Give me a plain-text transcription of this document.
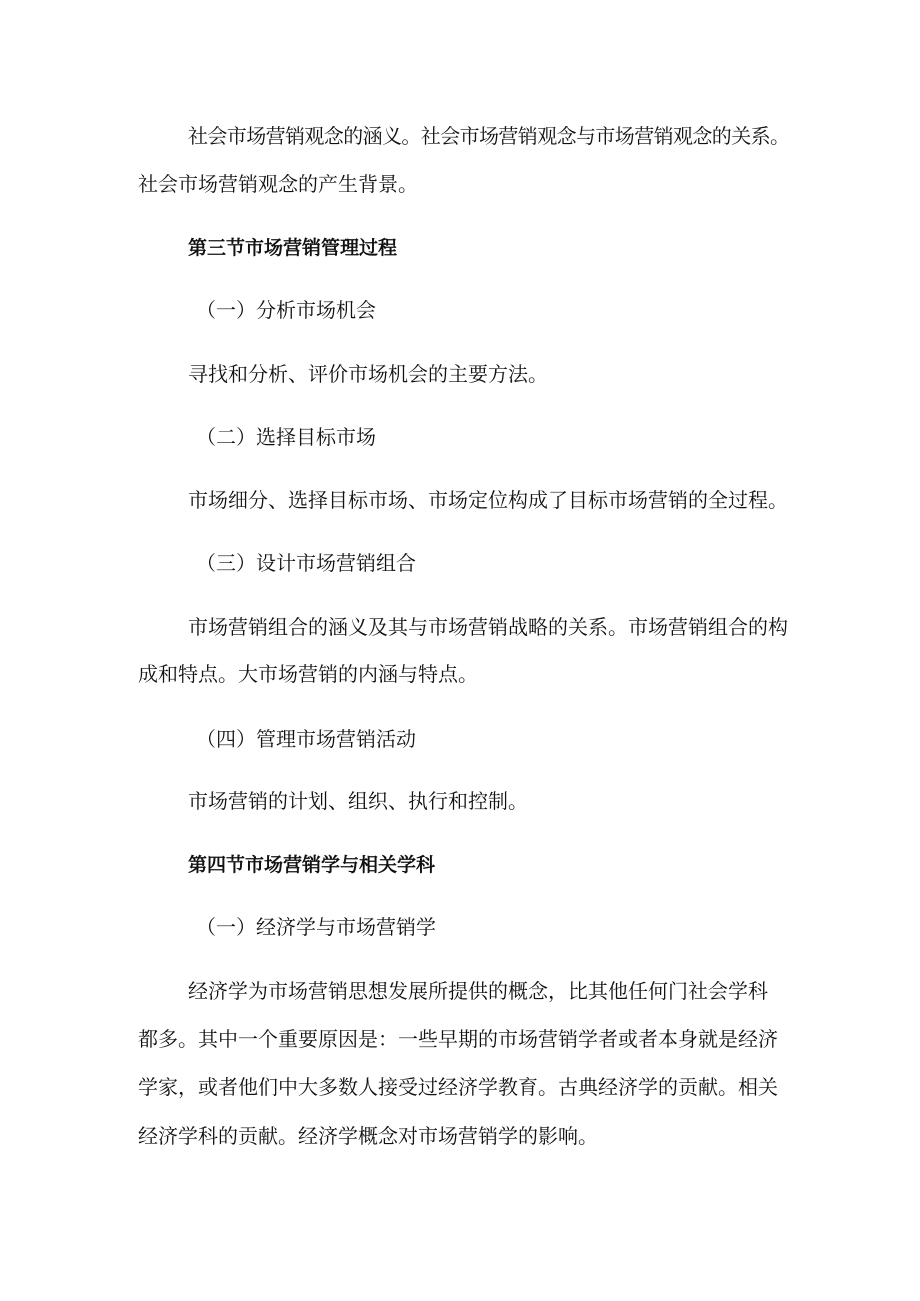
社会市场营销观念的涵义。社会市场营销观念与市场营销观念的关系。

社会市场营销观念的产生背景。

第三节市场营销管理过程

（一）分析市场机会

寻找和分析、评价市场机会的主要方法。

（二）选择目标市场

市场细分、选择目标市场、市场定位构成了目标市场营销的全过程。

（三）设计市场营销组合

市场营销组合的涵义及其与市场营销战略的关系。市场营销组合的构

成和特点。大市场营销的内涵与特点。

（四）管理市场营销活动

市场营销的计划、组织、执行和控制。

第四节市场营销学与相关学科

（一）经济学与市场营销学

经济学为市场营销思想发展所提供的概念，比其他任何门社会学科

都多。其中一个重要原因是：一些早期的市场营销学者或者本身就是经济

学家，或者他们中大多数人接受过经济学教育。古典经济学的贡献。相关

经济学科的贡献。经济学概念对市场营销学的影响。
